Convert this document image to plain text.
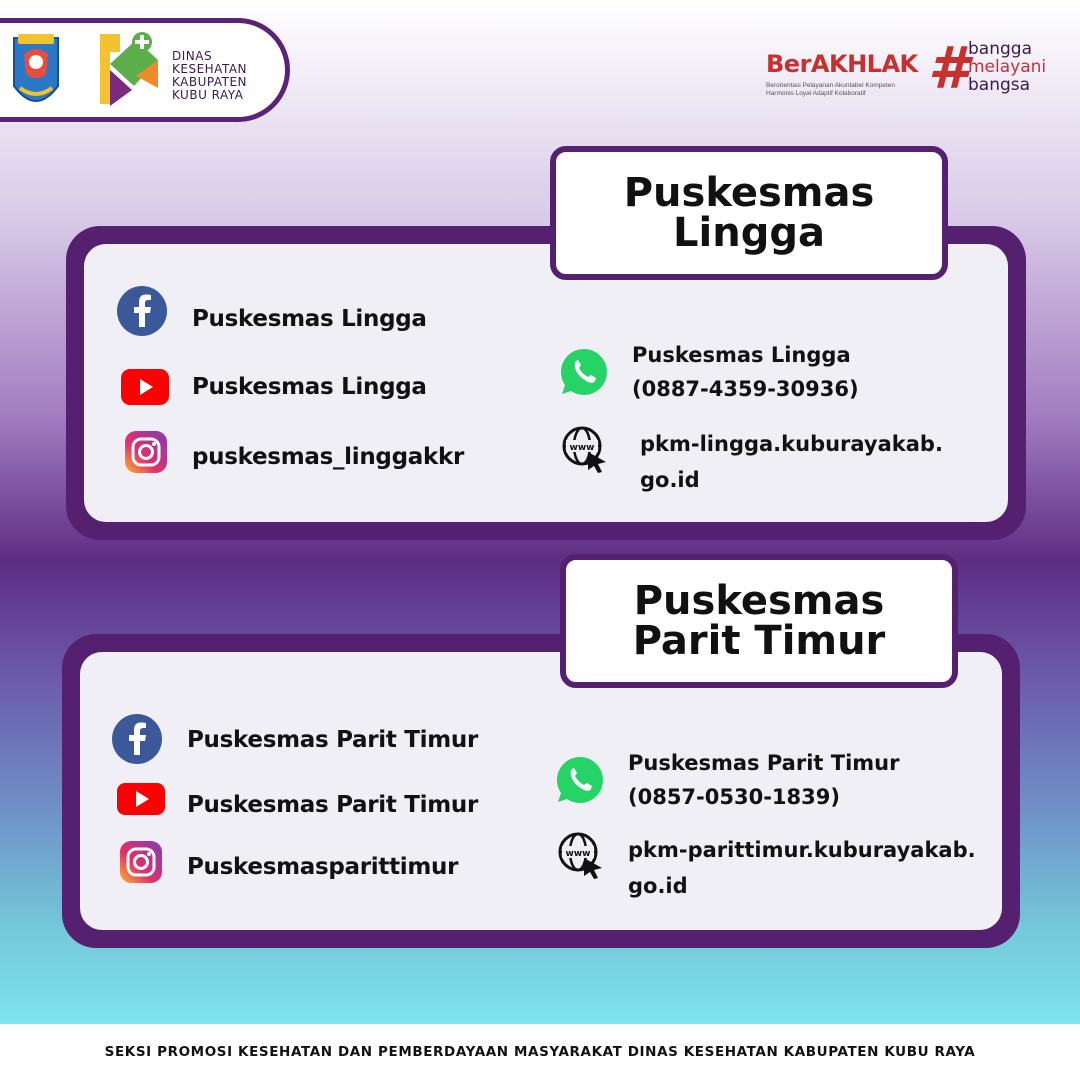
DINAS
KESEHATAN
KABUPATEN
KUBU RAYA
BerAKHLAK
Berorientasi Pelayanan Akuntabel Kompeten
Harmonis Loyal Adaptif Kolaboratif	# bangga
melayani
bangsa
Puskesmas
Lingga
Puskesmas Lingga
Puskesmas Lingga
puskesmas_linggakkr
Puskesmas Lingga
(0887-4359-30936)
www pkm-lingga.kuburayakab.
go.id
Puskesmas
Parit Timur
Puskesmas Parit Timur
Puskesmas Parit Timur
Puskesmasparittimur
Puskesmas Parit Timur
(0857-0530-1839)
www pkm-parittimur.kuburayakab.
go.id
SEKSI PROMOSI KESEHATAN DAN PEMBERDAYAAN MASYARAKAT DINAS KESEHATAN KABUPATEN KUBU RAYA
